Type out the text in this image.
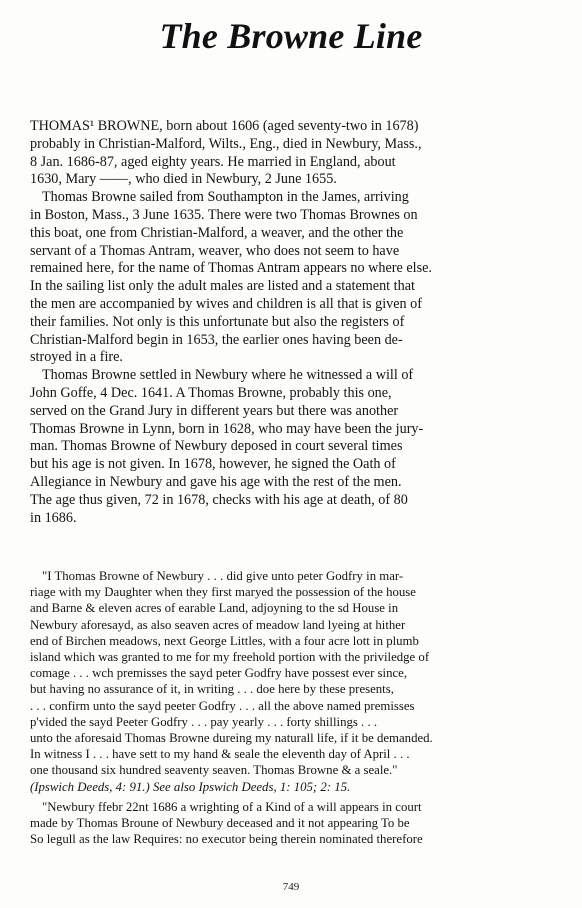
The Browne Line
THOMAS¹ BROWNE, born about 1606 (aged seventy-two in 1678)
probably in Christian-Malford, Wilts., Eng., died in Newbury, Mass.,
8 Jan. 1686-87, aged eighty years. He married in England, about
1630, Mary ——, who died in Newbury, 2 June 1655.
Thomas Browne sailed from Southampton in the James, arriving
in Boston, Mass., 3 June 1635. There were two Thomas Brownes on
this boat, one from Christian-Malford, a weaver, and the other the
servant of a Thomas Antram, weaver, who does not seem to have
remained here, for the name of Thomas Antram appears no where else.
In the sailing list only the adult males are listed and a statement that
the men are accompanied by wives and children is all that is given of
their families. Not only is this unfortunate but also the registers of
Christian-Malford begin in 1653, the earlier ones having been de-
stroyed in a fire.
Thomas Browne settled in Newbury where he witnessed a will of
John Goffe, 4 Dec. 1641. A Thomas Browne, probably this one,
served on the Grand Jury in different years but there was another
Thomas Browne in Lynn, born in 1628, who may have been the jury-
man. Thomas Browne of Newbury deposed in court several times
but his age is not given. In 1678, however, he signed the Oath of
Allegiance in Newbury and gave his age with the rest of the men.
The age thus given, 72 in 1678, checks with his age at death, of 80
in 1686.
"I Thomas Browne of Newbury . . . did give unto peter Godfry in mar-
riage with my Daughter when they first maryed the possession of the house
and Barne & eleven acres of earable Land, adjoyning to the sd House in
Newbury aforesayd, as also seaven acres of meadow land lyeing at hither
end of Birchen meadows, next George Littles, with a four acre lott in plumb
island which was granted to me for my freehold portion with the priviledge of
comage . . . wch premisses the sayd peter Godfry have possest ever since,
but having no assurance of it, in writing . . . doe here by these presents,
. . . confirm unto the sayd peeter Godfry . . . all the above named premisses
p'vided the sayd Peeter Godfry . . . pay yearly . . . forty shillings . . .
unto the aforesaid Thomas Browne dureing my naturall life, if it be demanded.
In witness I . . . have sett to my hand & seale the eleventh day of April . . .
one thousand six hundred seaventy seaven. Thomas Browne & a seale."
(Ipswich Deeds, 4: 91.) See also Ipswich Deeds, 1: 105; 2: 15.
"Newbury ffebr 22nt 1686 a wrighting of a Kind of a will appears in court
made by Thomas Broune of Newbury deceased and it not appearing To be
So legull as the law Requires: no executor being therein nominated therefore
749
